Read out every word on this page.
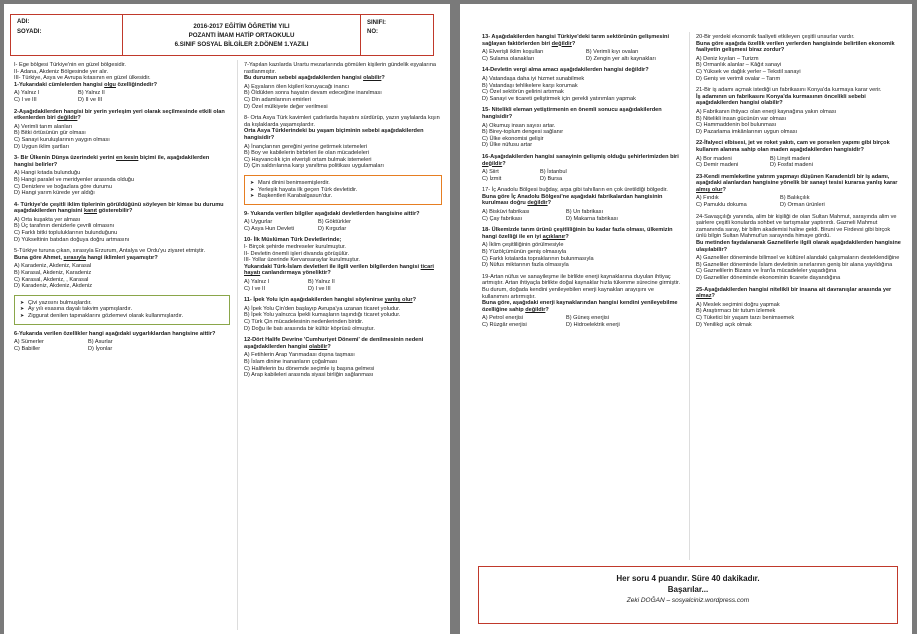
ADI:
SOYADI:
2016-2017 EĞİTİM ÖĞRETİM YILI
POZANTI İMAM HATİP ORTAOKULU
6.SINIF SOSYAL BİLGİLER 2.DÖNEM 1.YAZILI
SINIFI:
NO:

I- Ege bölgesi Türkiye'nin en güzel bölgesidir.

II- Adana, Akdeniz Bölgesinde yer alır.

III- Türkiye, Asya ve Avrupa kıtasının en güzel ülkesidir.

1-Yukarıdaki cümlelerden hangisi olgu özelliğindedir?

A) Yalnız I	B) Yalnız II
C) I ve III	D) II ve III

2-Aşağıdakilerden hangisi bir yerin yerleşim yeri olarak seçilmesinde etkili olan etkenlerden biri değildir?

A) Verimli tarım alanları
B) Bitki örtüsünün gür olması
C) Sanayi kuruluşlarının yaygın olması
D) Uygun iklim şartları

3- Bir Ülkenin Dünya üzerindeki yerini en kesin biçimi ile, aşağıdakilerden hangisi belirler?

A) Hangi kıtada bulunduğu
B) Hangi paralel ve meridyenler arasında olduğu
C) Denizlere ve boğazlara göre durumu
D) Hangi yarım kürede yer aldığı

4- Türkiye'de çeşitli iklim tiplerinin görüldüğünü söyleyen bir kimse bu durumu aşağıdakilerden hangisini kanıt gösterebilir?

A) Orta kuşakta yer alması
B) Üç tarafının denizlerle çevrili olmasını
C) Farklı bitki topluluklarının bulunduğunu
D) Yükseltinin batıdan doğuya doğru artmasını

5-Türkiye turuna çıkan, sırasıyla Erzurum, Antalya ve Ordu'yu ziyaret etmiştir.

Buna göre Ahmet, sırasıyla hangi iklimleri yaşamıştır?

A) Karadeniz, Akdeniz, Karasal
B) Karasal, Akdeniz, Karadeniz
C) Karasal, Akdeniz, , Karasal
D) Karadeniz, Akdeniz, Akdeniz
➤ Çivi yazısını bulmuşlardır.
➤ Ay yılı esasına dayalı takvim yapmışlardır.
➤ Ziggurat denilen tapınaklarını gözlemevi olarak kullanmışlardır.

6-Yukarıda verilen özellikler hangi aşağıdaki uygarlıklardan hangisine aittir?

A) Sümerler	B) Asurlar
C) Babiller	D) İyonlar

7-Yapılan kazılarda Urartu mezarlarında gömülen kişilerin gündelik eşyalarına rastlanmıştır.

Bu durumun sebebi aşağıdakilerden hangisi olabilir?

A) Eşyaların ölen kişileri koruyacağı inancı
B) Öldükten sonra hayatın devam edeceğine inanılması
C) Din adamlarının emirleri
D) Özel mülkiyete değer verilmesi

8- Orta Asya Türk kavimleri çadırlarda hayatını sürdürüp, yazın yaylalarda kışın da kışlaklarda yaşamışlardır.

Orta Asya Türklerindeki bu yaşam biçiminin sebebi aşağıdakilerden hangisidir?

A) İnançlarının gereğini yerine getirmek istemeleri
B) Boy ve kabilelerin birbirleri ile olan mücadeleleri
C) Hayvancılık için elverişli ortam bulmak istemeleri
D) Çin saldırılarına karşı yanıltma politikası uygulamaları
➤ Mani dinini benimsemişlerdir.
➤ Yerleşik hayata ilk geçen Türk devletidir.
➤ Başkentleri Karabalgasun'dur.

9- Yukarıda verilen bilgiler aşağıdaki devletlerden hangisine aittir?

A) Uygurlar	B) Göktürkler
C) Asya Hun Devleti	D) Kırgızlar

10- İlk Müslüman Türk Devletlerinde;

I- Birçok şehirde medreseler kurulmuştur.

II- Devletin önemli işleri divanda görüşülür.

III- Yollar üzerinde Kervansaraylar kurulmuştur.

Yukarıdaki Türk-İslam devletleri ile ilgili verilen bilgilerden hangisi ticari hayatı canlandırmaya yöneliktir?

A) Yalnız I	B) Yalnız II
C) I ve II	D) I ve III

11- İpek Yolu için aşağıdakilerden hangisi söylenirse yanlış olur?

A) İpek Yolu Çin'den başlayıp Avrupa'ya uzanan ticaret yoludur.
B) İpek Yolu yalnızca İpekli kumaşların taşındığı ticaret yoludur.
C) Türk Çin mücadelesinin nedenlerinden biridir.
D) Doğu ile batı arasında bir kültür köprüsü olmuştur.

12-Dört Halife Devrine 'Cumhuriyet Dönemi' de denilmesinin nedeni aşağıdakilerden hangisi olabilir?

A) Fetihlerin Arap Yarımadası dışına taşması
B) İslam dinine inananların çoğalması
C) Halifelerin bu dönemde seçimle iş başına gelmesi
D) Arap kabileleri arasında siyasi birliğin sağlanması

13- Aşağıdakilerden hangisi Türkiye'deki tarım sektörünün gelişmesini sağlayan faktörlerden biri değildir?

A) Elverişli iklim koşulları	B) Verimli kıyı ovaları
C) Sulama olanakları	D) Zengin yer altı kaynakları

14-Devletin vergi alma amacı aşağıdakilerden hangisi değildir?

A) Vatandaşa daha iyi hizmet sunabilmek
B) Vatandaşı tehlikelere karşı korumak
C) Özel sektörün gelirini artırmak
D) Sanayi ve ticareti geliştirmek için gerekli yatırımları yapmak

15- Nitelikli eleman yetiştirmenin en önemli sonucu aşağıdakilerden hangisidir?

A) Okumuş insan sayısı artar.
B) Birey-toplum dengesi sağlanır
C) Ülke ekonomisi gelişir
D) Ülke nüfusu artar

16-Aşağıdakilerden hangisi sanayinin gelişmiş olduğu şehirlerimizden biri değildir?

A) Siirt	B) İstanbul
C) İzmit	D) Bursa

17- İç Anadolu Bölgesi buğday, arpa gibi tahılların en çok üretildiği bölgedir.

Buna göre İç Anadolu Bölgesi'ne aşağıdaki fabrikalardan hangisinin kurulması doğru değildir?

A) Bisküvi fabrikası	B) Un fabrikası
C) Çay fabrikası	D) Makarna fabrikası

18- Ülkemizde tarım ürünü çeşitliliğinin bu kadar fazla olması, ülkemizin hangi özelliği ile en iyi açıklanır?

A) İklim çeşitliliğinin görülmesiyle
B) Yüzölçümünün geniş olmasıyla
C) Farklı kıtalarda topraklarının bulunmasıyla
D) Nüfus miktarının fazla olmasıyla

19-Artan nüfus ve sanayileşme ile birlikte enerji kaynaklarına duyulan ihtiyaç artmıştır. Artan ihtiyaçla birlikte doğal kaynaklar hızla tükenme sürecine girmiştir. Bu durum, doğada kendini yenileyebilen enerji kaynakları arayışını ve kullanımını artırmıştır.

Buna göre, aşağıdaki enerji kaynaklarından hangisi kendini yenileyebilme özelliğine sahip değildir?

A) Petrol enerjisi	B) Güneş enerjisi
C) Rüzgâr enerjisi	D) Hidroelektrik enerji

20-Bir yerdeki ekonomik faaliyeti etkileyen çeşitli unsurlar vardır.

Buna göre aşağıda özellik verilen yerlerden hangisinde belirtilen ekonomik faaliyetin gelişmesi biraz zordur?

A) Deniz kıyıları – Turizm
B) Ormanlık alanlar – Kâğıt sanayi
C) Yüksek ve dağlık yerler – Tekstil sanayi
D) Geniş ve verimli ovalar – Tarım

21-Bir iş adamı açmak istediği un fabrikasını Konya'da kurmaya karar verir.

İş adamının un fabrikasını Konya'da kurmasının öncelikli sebebi aşağıdakilerden hangisi olabilir?

A) Fabrikanın ihtiyacı olan enerji kaynağına yakın olması
B) Nitelikli insan gücünün var olması
C) Hammaddenin bol bulunması
D) Pazarlama imkânlarının uygun olması

22-İfalyeci elbisesi, jet ve roket yakıtı, cam ve porselen yapımı gibi birçok kullanım alanına sahip olan maden aşağıdakilerden hangisidir?

A) Bor madeni	B) Linyit madeni
C) Demir madeni	D) Fosfat madeni

23-Kendi memleketine yatırım yapmayı düşünen Karadenizli bir iş adamı, aşağıdaki alanlardan hangisine yönelik bir sanayi tesisi kurarsa yanlış karar almış olur?

A) Fındık	B) Balıkçılık
C) Pamuklu dokuma	D) Orman ürünleri

24-Savaşçılığı yanında, alim bir kişiliği de olan Sultan Mahmut, sarayında alim ve şairlere çeşitli konularda sohbet ve tartışmalar yaptırırdı. Gazneli Mahmut zamanında saray, bir bilim akademisi haline geldi. Biruni ve Firdevsi gibi birçok ünlü bilgin Sultan Mahmut'un sarayında himaye gördü.

Bu metinden faydalanarak Gaznelilerle ilgili olarak aşağıdakilerden hangisine ulaşılabilir?

A) Gazneliler döneminde bilimsel ve kültürel alandaki çalışmaların desteklendiğine
B) Gazneliler döneminde İslam devletinin sınırlarının geniş bir alana yayıldığına
C) Gaznelilerin Bizans ve İran'la mücadeleler yaşadığına
D) Gazneliler döneminde ekonominin ticarete dayandığına

25-Aşağıdakilerden hangisi nitelikli bir insana ait davranışlar arasında yer almaz?

A) Meslek seçimini doğru yapmak
B) Araştırmacı bir tutum izlemek
C) Tüketici bir yaşam tarzı benimsemek
D) Yenilikçi açık olmak
Her soru 4 puandır. Süre 40 dakikadır.
Başarılar...
Zeki DOĞAN – sosyalciniz.wordpress.com
